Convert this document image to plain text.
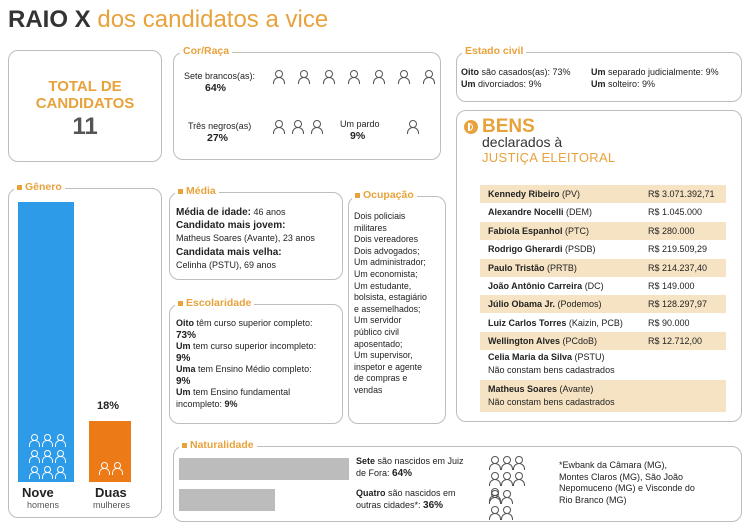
RAIO X dos candidatos a vice
TOTAL DE
CANDIDATOS
11
Cor/Raça
Sete brancos(as):
64%
Três negros(as)
27%
Um pardo
9%
Estado civil
Oito são casados(as): 73% Um separado judicialmente: 9%
Um divorciados: 9%	Um solteiro: 9%
BENS
declarados à
JUSTIÇA ELEITORAL
Kennedy Ribeiro (PV)	R$ 3.071.392,71
Alexandre Nocelli (DEM)	R$ 1.045.000
Fabíola Espanhol (PTC)	R$ 280.000
Rodrigo Gherardi (PSDB)	R$ 219.509,29
Paulo Tristão (PRTB)	R$ 214.237,40
João Antônio Carreira (DC)	R$ 149.000
Júlio Obama Jr. (Podemos)	R$ 128.297,97
Luiz Carlos Torres (Kaizin, PCB)	R$ 90.000
Wellington Alves (PCdoB)	R$ 12.712,00
Celia Maria da Silva (PSTU)
Não constam bens cadastrados
Matheus Soares (Avante)
Não constam bens cadastrados
Gênero
18%

Nove
homens
Duas
mulheres
Média
Média de idade: 46 anos
Candidato mais jovem:
Matheus Soares (Avante), 23 anos
Candidata mais velha:
Celinha (PSTU), 69 anos
Escolaridade
Oito têm curso superior completo:
73%
Um tem curso superior incompleto:
9%
Uma tem Ensino Médio completo:
9%
Um tem Ensino fundamental
incompleto: 9%
Ocupação
Dois policiais
militares
Dois vereadores
Dois advogados;
Um administrador;
Um economista;
Um estudante,
bolsista, estagiário
e assemelhados;
Um servidor
público civil
aposentado;
Um supervisor,
inspetor e agente
de compras e
vendas
Naturalidade
Sete são nascidos em Juiz
de Fora: 64%
Quatro são nascidos em
outras cidades*: 36%

*Ewbank da Câmara (MG),
Montes Claros (MG), São João
Nepomuceno (MG) e Visconde do
Rio Branco (MG)
